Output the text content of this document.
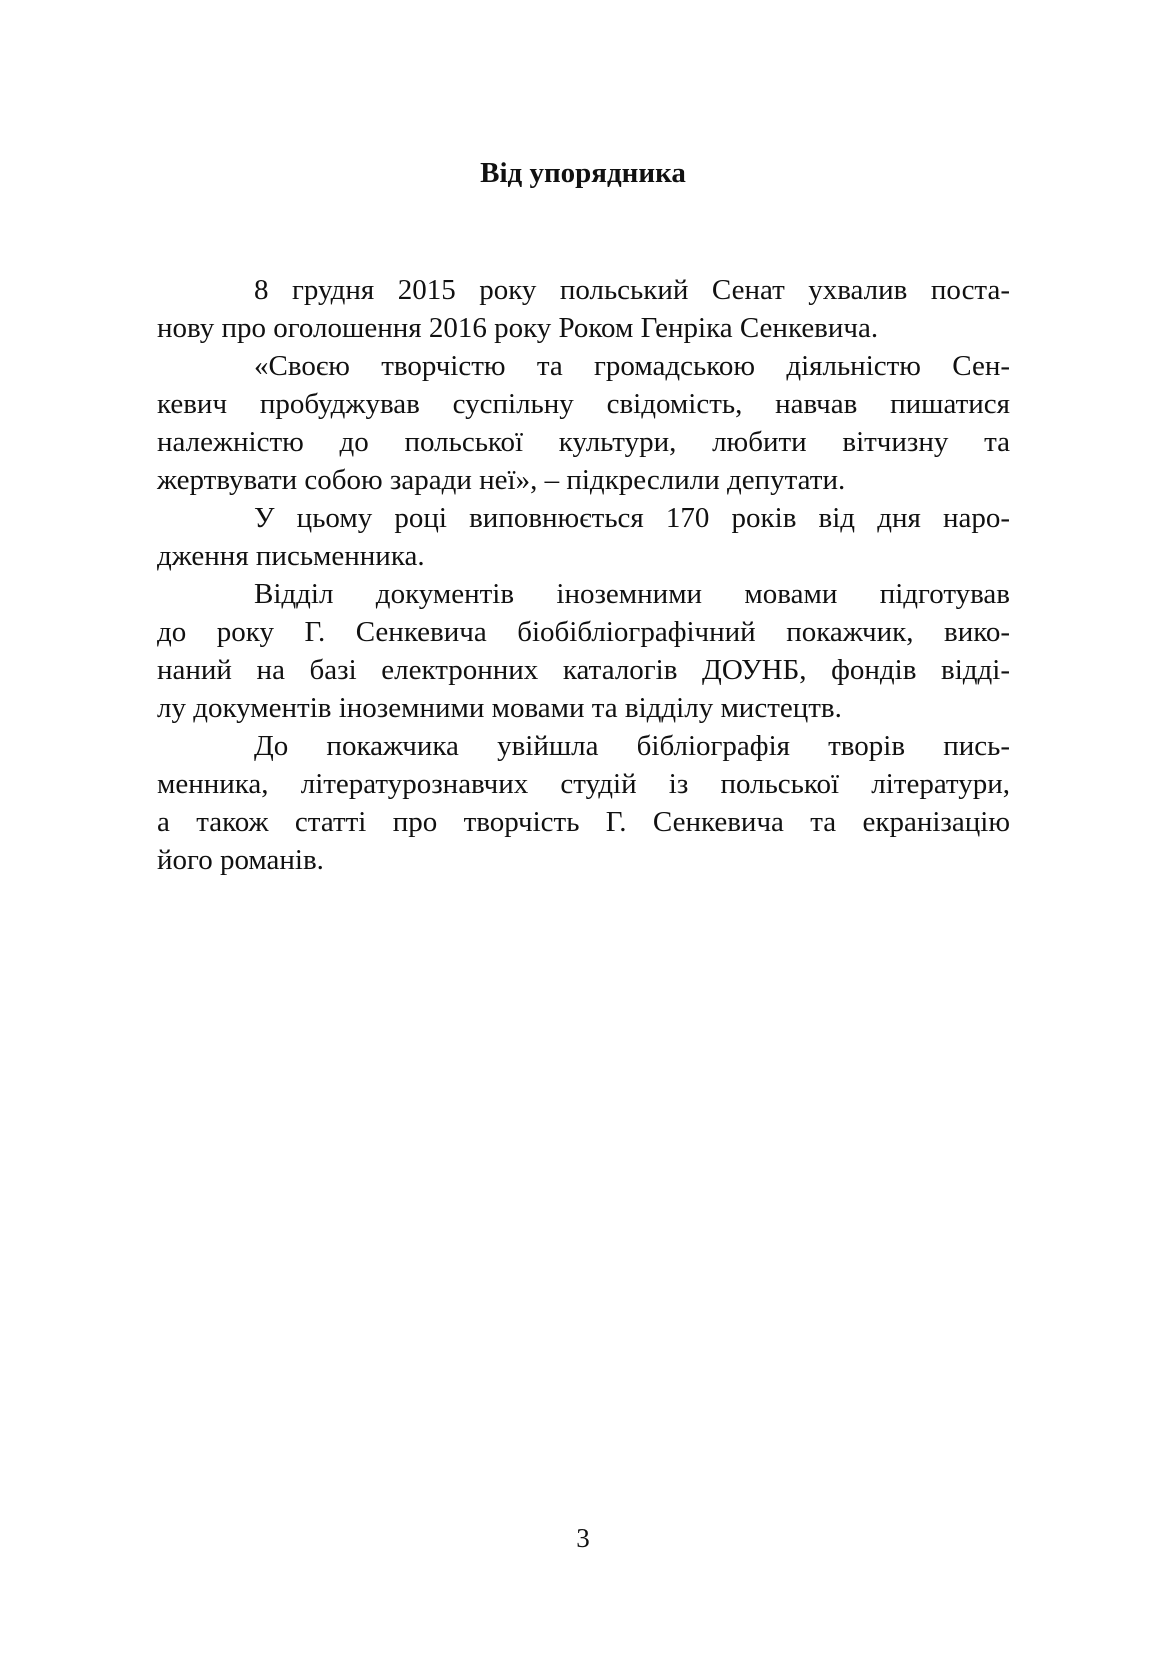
Від упорядника

8 грудня 2015 року польський Сенат ухвалив поста-
нову про оголошення 2016 року Роком Генріка Сенкевича.

«Своєю творчістю та громадською діяльністю Сен-
кевич пробуджував суспільну свідомість, навчав пишатися
належністю до польської культури, любити вітчизну та
жертвувати собою заради неї», – підкреслили депутати.

У цьому році виповнюється 170 років від дня наро-
дження письменника.

Відділ документів іноземними мовами підготував
до року Г. Сенкевича біобібліографічний покажчик, вико-
наний на базі електронних каталогів ДОУНБ, фондів відді-
лу документів іноземними мовами та відділу мистецтв.

До покажчика увійшла бібліографія творів пись-
менника, літературознавчих студій із польської літератури,
а також статті про творчість Г. Сенкевича та екранізацію
його романів.

3
